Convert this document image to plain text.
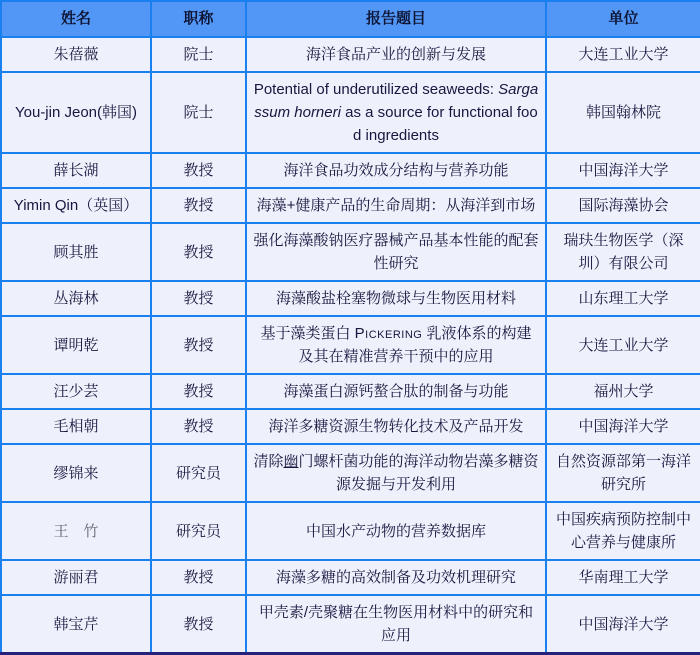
姓名	职称	报告题目	单位
朱蓓薇	院士	海洋食品产业的创新与发展	大连工业大学
You-jin Jeon(韩国)	院士	Potential of underutilized seaweeds: Sargassum horneri as a source for functional food ingredients	韩国翰林院
薛长湖	教授	海洋食品功效成分结构与营养功能	中国海洋大学
Yimin Qin（英国）	教授	海藻+健康产品的生命周期：从海洋到市场	国际海藻协会
顾其胜	教授	强化海藻酸钠医疗器械产品基本性能的配套性研究	瑞玞生物医学（深圳）有限公司
丛海林	教授	海藻酸盐栓塞物微球与生物医用材料	山东理工大学
谭明乾	教授	基于藻类蛋白 Pickering 乳液体系的构建及其在精准营养干预中的应用	大连工业大学
汪少芸	教授	海藻蛋白源钙螯合肽的制备与功能	福州大学
毛相朝	教授	海洋多糖资源生物转化技术及产品开发	中国海洋大学
缪锦来	研究员	清除幽门螺杆菌功能的海洋动物岩藻多糖资源发掘与开发利用	自然资源部第一海洋研究所
王　竹	研究员	中国水产动物的营养数据库	中国疾病预防控制中心营养与健康所
游丽君	教授	海藻多糖的高效制备及功效机理研究	华南理工大学
韩宝芹	教授	甲壳素/壳聚糖在生物医用材料中的研究和应用	中国海洋大学
